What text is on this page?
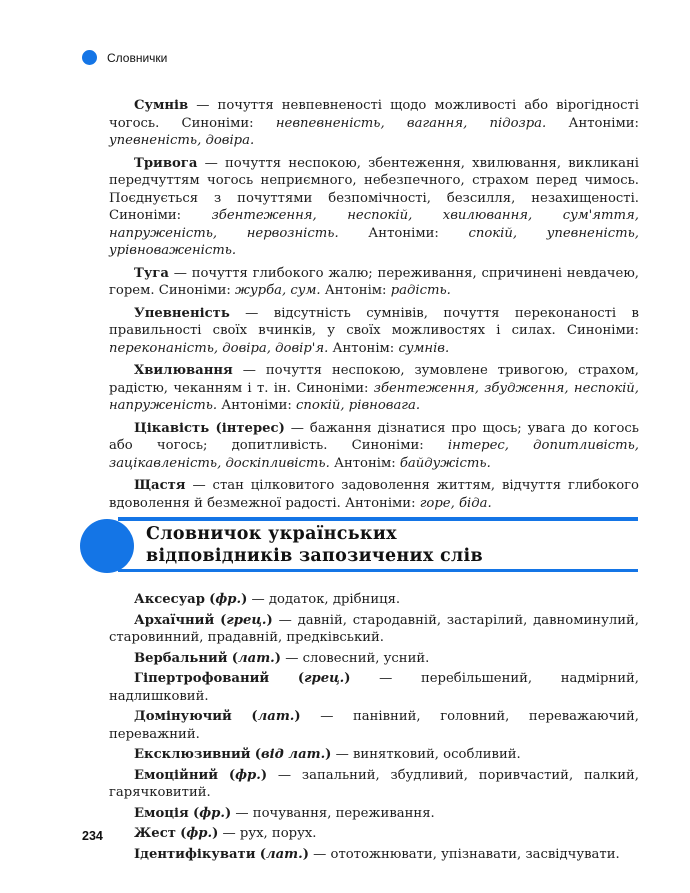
Словнички

Сумнів — почуття невпевненості щодо можливості або вірогідності чогось. Синоніми: невпевненість, вагання, підозра. Антоніми: упевненість, довіра.

Тривога — почуття неспокою, збентеження, хвилювання, викликані передчуттям чогось неприємного, небезпечного, страхом перед чимось. Поєднується з почуттями безпомічності, безсилля, незахищеності. Синоніми: збентеження, неспокій, хвилювання, сум'яття, напруженість, нервозність. Антоніми: спокій, упевненість, урівноваженість.

Туга — почуття глибокого жалю; переживання, спричинені невдачею, горем. Синоніми: журба, сум. Антонім: радість.

Упевненість — відсутність сумнівів, почуття переконаності в правильності своїх вчинків, у своїх можливостях і силах. Синоніми: переконаність, довіра, довір'я. Антонім: сумнів.

Хвилювання — почуття неспокою, зумовлене тривогою, страхом, радістю, чеканням і т. ін. Синоніми: збентеження, збудження, неспокій, напруженість. Антоніми: спокій, рівновага.

Цікавість (інтерес) — бажання дізнатися про щось; увага до когось або чогось; допитливість. Синоніми: інтерес, допитливість, зацікавленість, доскіпливість. Антонім: байдужість.

Щастя — стан цілковитого задоволення життям, відчуття глибокого вдоволення й безмежної радості. Антоніми: горе, біда.

Словничок українських
відповідників запозичених слів

Аксесуар (фр.) — додаток, дрібниця.

Архаїчний (грец.) — давній, стародавній, застарілий, давноминулий, старовинний, прадавній, предківський.

Вербальний (лат.) — словесний, усний.

Гіпертрофований (грец.) — перебільшений, надмірний, надлишковий.

Домінуючий (лат.) — панівний, головний, переважаючий, переважний.

Ексклюзивний (від лат.) — винятковий, особливий.

Емоційний (фр.) — запальний, збудливий, поривчастий, палкий, гарячковитий.

Емоція (фр.) — почування, переживання.

Жест (фр.) — рух, порух.

Ідентифікувати (лат.) — ототожнювати, упізнавати, засвідчувати.

234
